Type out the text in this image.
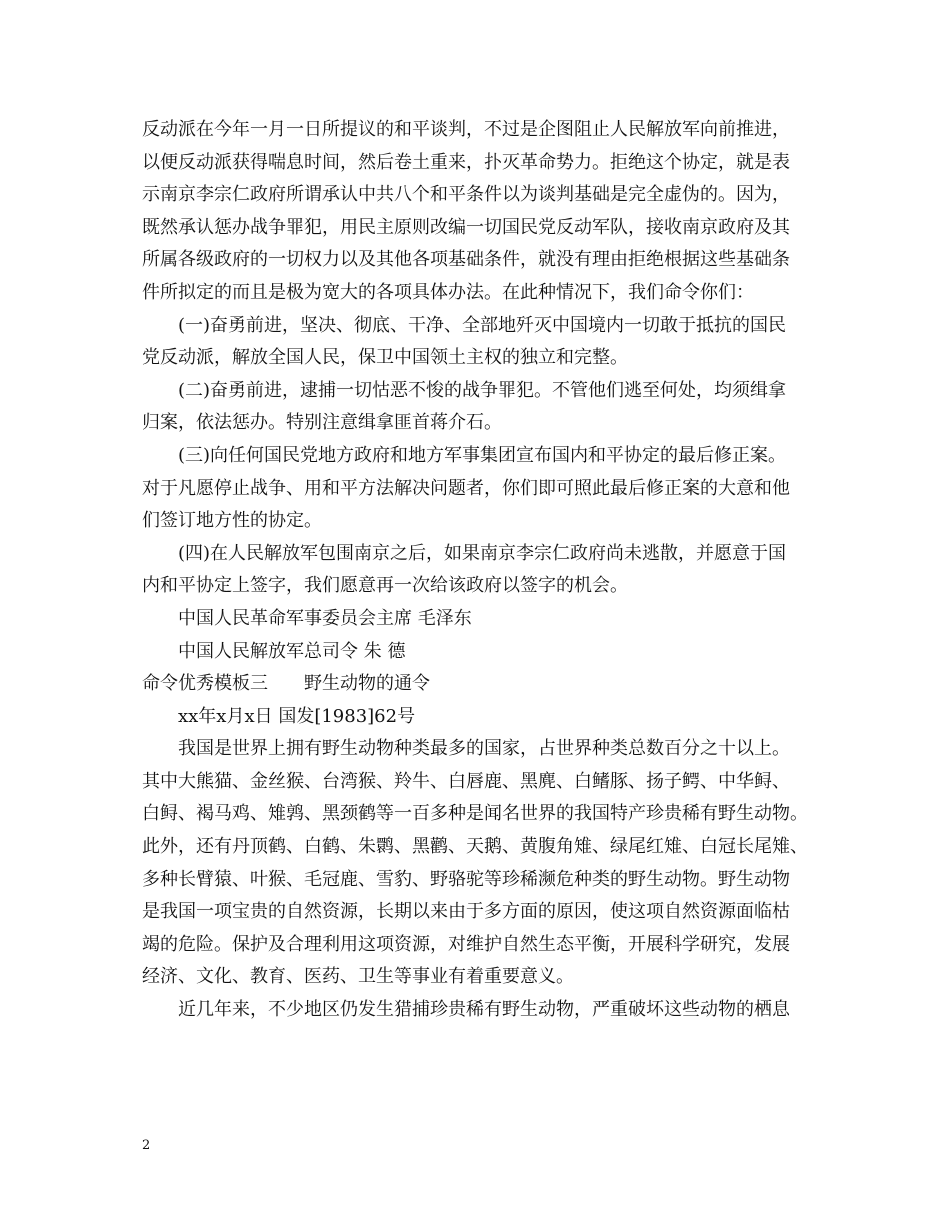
反动派在今年一月一日所提议的和平谈判，不过是企图阻止人民解放军向前推进，
以便反动派获得喘息时间，然后卷土重来，扑灭革命势力。拒绝这个协定，就是表
示南京李宗仁政府所谓承认中共八个和平条件以为谈判基础是完全虚伪的。因为，
既然承认惩办战争罪犯，用民主原则改编一切国民党反动军队，接收南京政府及其
所属各级政府的一切权力以及其他各项基础条件，就没有理由拒绝根据这些基础条
件所拟定的而且是极为宽大的各项具体办法。在此种情况下，我们命令你们：
(一)奋勇前进，坚决、彻底、干净、全部地歼灭中国境内一切敢于抵抗的国民
党反动派，解放全国人民，保卫中国领土主权的独立和完整。
(二)奋勇前进，逮捕一切怙恶不悛的战争罪犯。不管他们逃至何处，均须缉拿
归案，依法惩办。特别注意缉拿匪首蒋介石。
(三)向任何国民党地方政府和地方军事集团宣布国内和平协定的最后修正案。
对于凡愿停止战争、用和平方法解决问题者，你们即可照此最后修正案的大意和他
们签订地方性的协定。
(四)在人民解放军包围南京之后，如果南京李宗仁政府尚未逃散，并愿意于国
内和平协定上签字，我们愿意再一次给该政府以签字的机会。
中国人民革命军事委员会主席 毛泽东
中国人民解放军总司令 朱 德
命令优秀模板三 野生动物的通令
xx年x月x日 国发[1983]62号
我国是世界上拥有野生动物种类最多的国家，占世界种类总数百分之十以上。
其中大熊猫、金丝猴、台湾猴、羚牛、白唇鹿、黑麂、白鳍豚、扬子鳄、中华鲟、
白鲟、褐马鸡、雉鹑、黑颈鹤等一百多种是闻名世界的我国特产珍贵稀有野生动物。
此外，还有丹顶鹤、白鹤、朱鹮、黑鹳、天鹅、黄腹角雉、绿尾红雉、白冠长尾雉、
多种长臂猿、叶猴、毛冠鹿、雪豹、野骆驼等珍稀濒危种类的野生动物。野生动物
是我国一项宝贵的自然资源，长期以来由于多方面的原因，使这项自然资源面临枯
竭的危险。保护及合理利用这项资源，对维护自然生态平衡，开展科学研究，发展
经济、文化、教育、医药、卫生等事业有着重要意义。
近几年来，不少地区仍发生猎捕珍贵稀有野生动物，严重破坏这些动物的栖息
2
